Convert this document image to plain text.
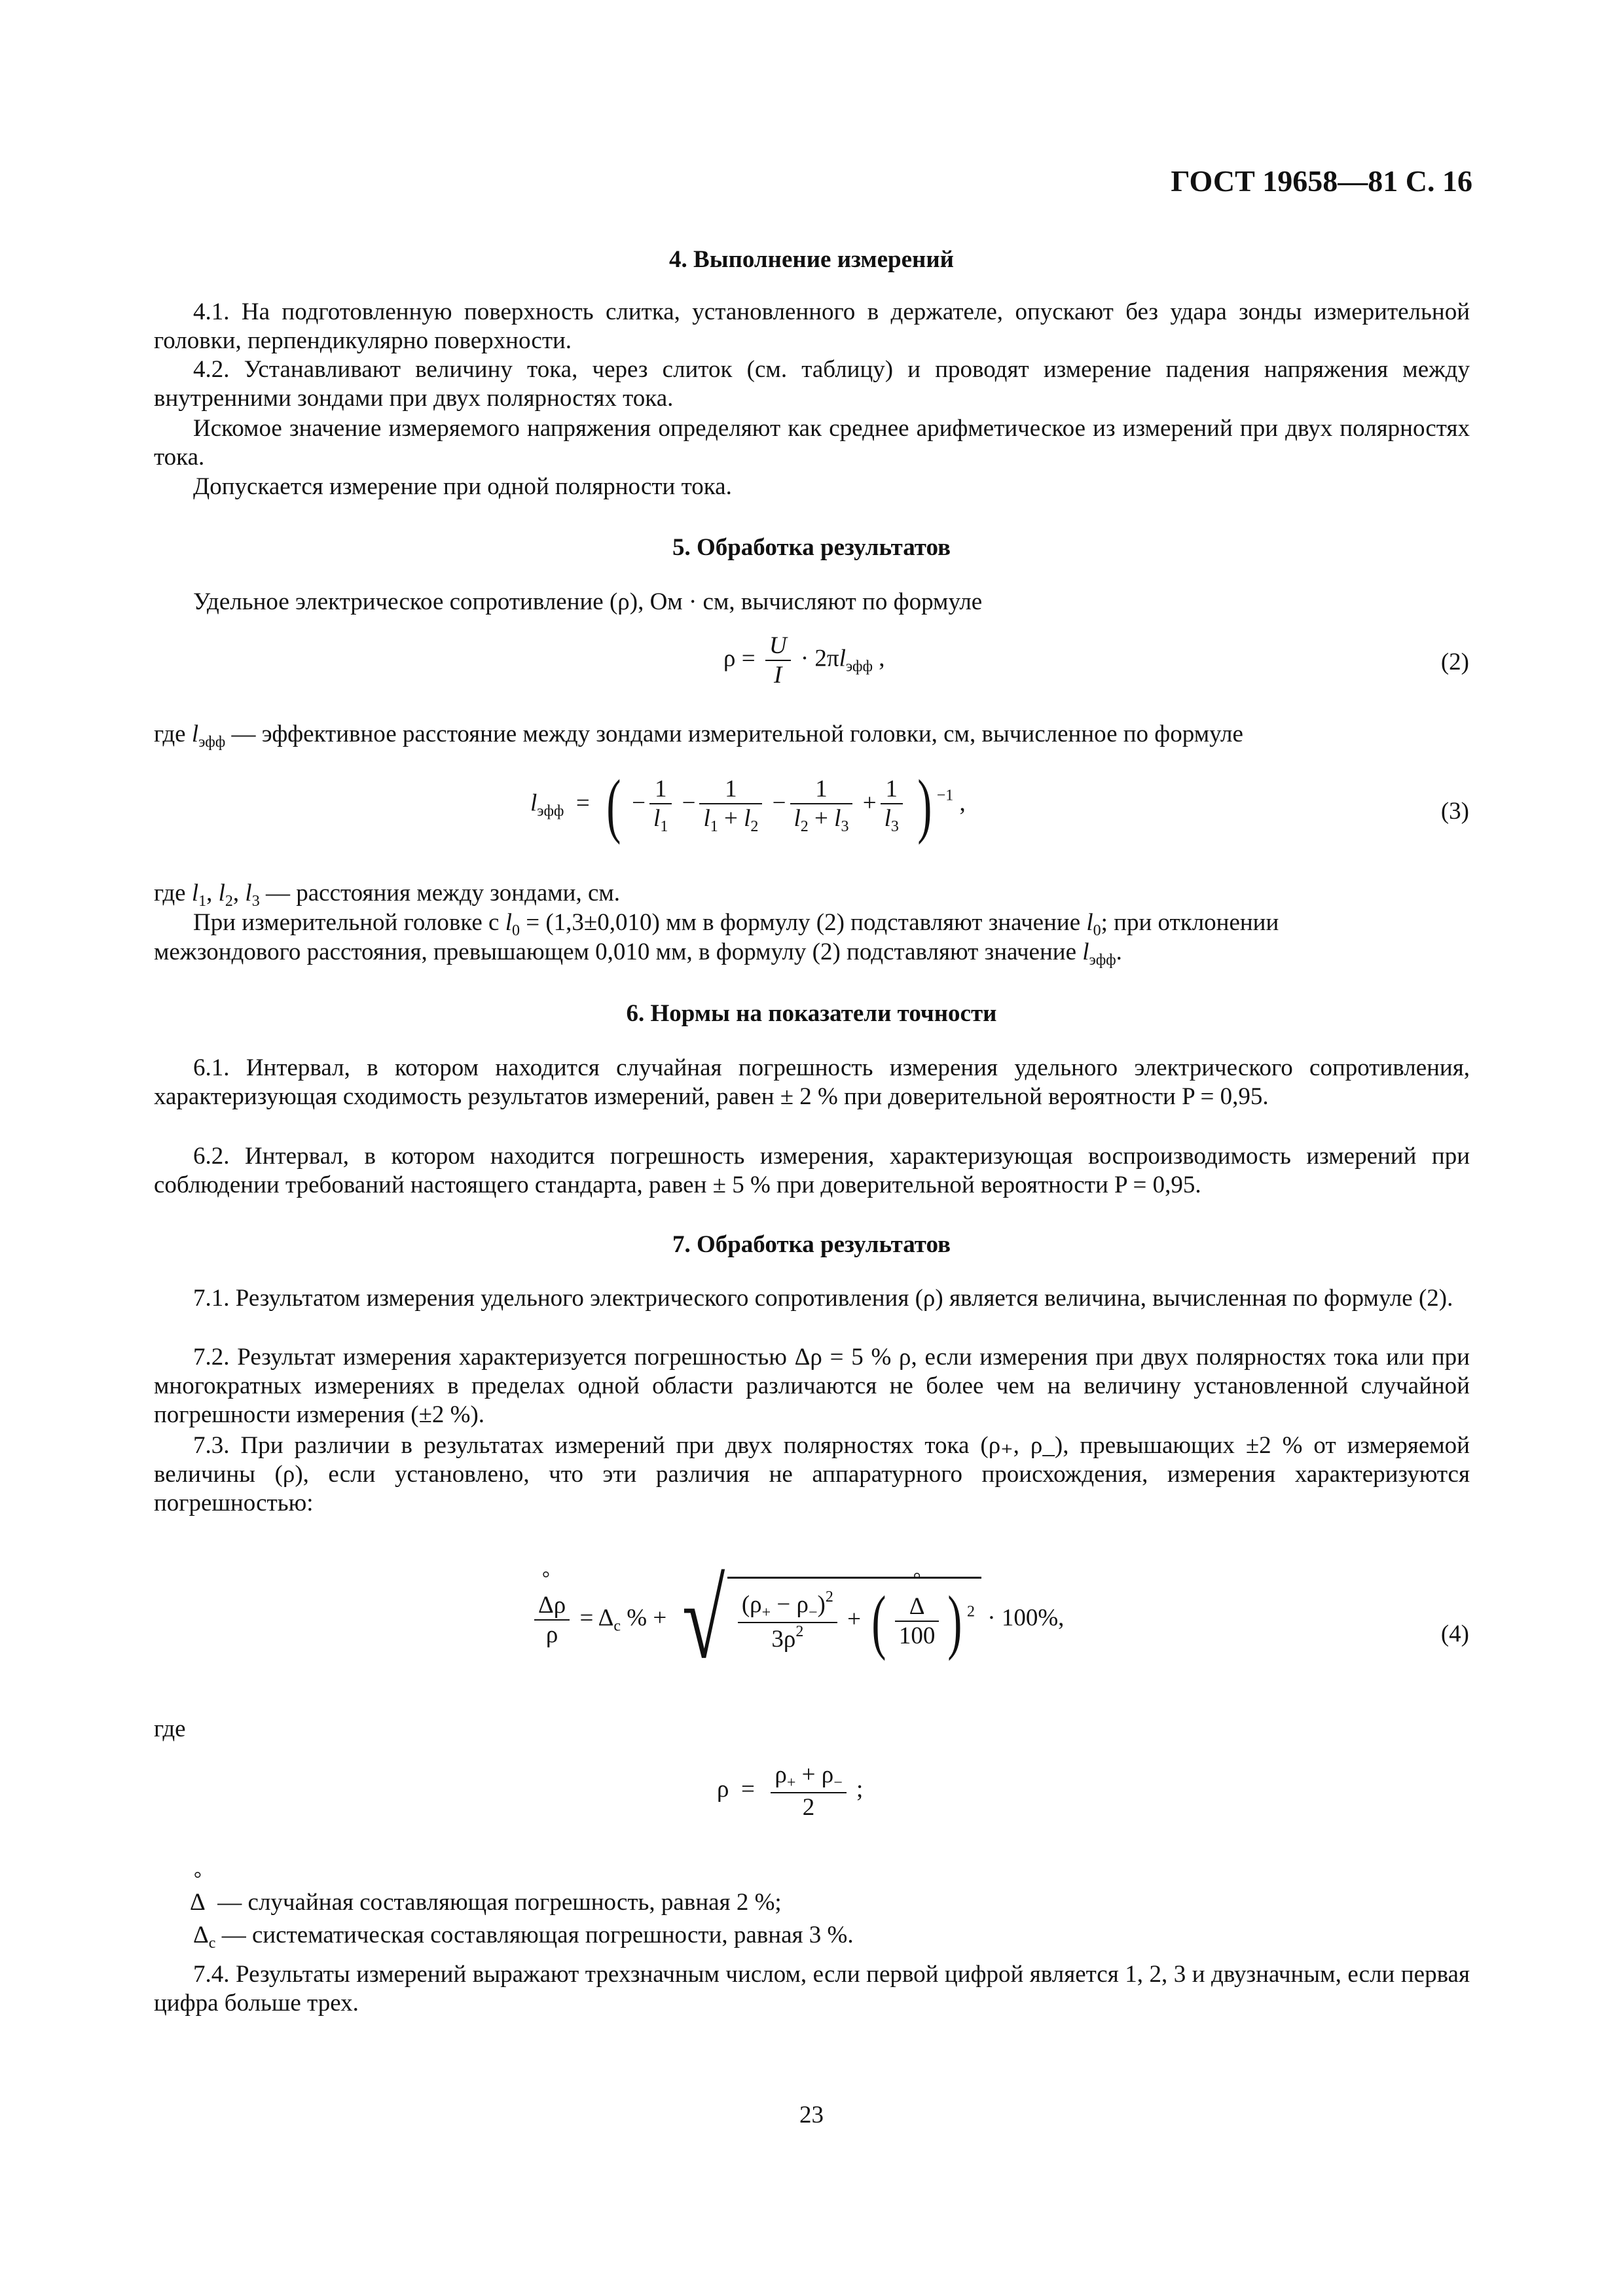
ГОСТ 19658—81 С. 16
4. Выполнение измерений
4.1. На подготовленную поверхность слитка, установленного в держателе, опускают без удара зонды измерительной головки, перпендикулярно поверхности.
4.2. Устанавливают величину тока, через слиток (см. таблицу) и проводят измерение падения напряжения между внутренними зондами при двух полярностях тока.
Искомое значение измеряемого напряжения определяют как среднее арифметическое из измерений при двух полярностях тока.
Допускается измерение при одной полярности тока.
5. Обработка результатов
Удельное электрическое сопротивление (ρ), Ом · см, вычисляют по формуле
$\rho = \frac{U}{I} \cdot 2\pi l_{эфф}$ ,	(2)
где $l_{эфф}$ — эффективное расстояние между зондами измерительной головки, см, вычисленное по формуле
$l_{эфф}$  =  ( − $\frac{1}{l_1} - \frac{1}{l_1 + l_2} - \frac{1}{l_2 + l_3} + \frac{1}{l_3}$ ) $^{-1}$ ,	(3)
где $l_1$, $l_2$, $l_3$ — расстояния между зондами, см.
При измерительной головке с $l_0 = (1,3\pm 0,010)$ мм в формулу (2) подставляют значение $l_0$; при отклонении
межзондового расстояния, превышающем 0,010 мм, в формулу (2) подставляют значение $l_{эфф}$.
6. Нормы на показатели точности
6.1. Интервал, в котором находится случайная погрешность измерения удельного электрического сопротивления, характеризующая сходимость результатов измерений, равен ± 2 % при доверительной вероятности P = 0,95.
6.2. Интервал, в котором находится погрешность измерения, характеризующая воспроизводимость измерений при соблюдении требований настоящего стандарта, равен ± 5 % при доверительной вероятности P = 0,95.
7. Обработка результатов
7.1. Результатом измерения удельного электрического сопротивления (ρ) является величина, вычисленная по формуле (2).
7.2. Результат измерения характеризуется погрешностью Δρ = 5 % ρ, если измерения при двух полярностях тока или при многократных измерениях в пределах одной области различаются не более чем на величину установленной случайной погрешности измерения (±2 %).
7.3. При различии в результатах измерений при двух полярностях тока (ρ₊, ρ_), превышающих ±2 % от измеряемой величины (ρ), если установлено, что эти различия не аппаратурного происхождения, измерения характеризуются погрешностью:
° $\frac{\Delta\rho}{\rho} = \Delta_c$ % + √ $\frac{(\rho_+ - \rho_-)^2}{3\rho^2}$ + (
° $\frac{\Delta}{100}$ ) $^2$ · 100%,
(4)
где
$\rho = \frac{\rho_+ + \rho_-}{2}$ ;
° Δ — случайная составляющая погрешность, равная 2 %;
$\Delta_c$ — систематическая составляющая погрешности, равная 3 %.
7.4. Результаты измерений выражают трехзначным числом, если первой цифрой является 1, 2, 3 и двузначным, если первая цифра больше трех.
23
